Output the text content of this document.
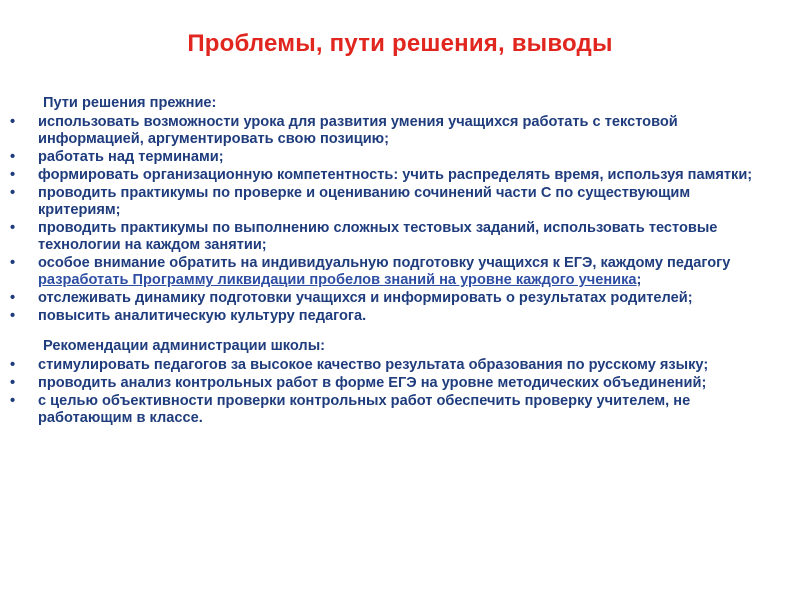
Проблемы, пути решения, выводы
Пути решения прежние:
•	использовать возможности урока для развития умения учащихся работать с текстовой информацией, аргументировать свою позицию;
•	работать над терминами;
•	формировать организационную компетентность: учить распределять время, используя памятки;
•	проводить практикумы по проверке и оцениванию сочинений части С по существующим критериям;
•	проводить практикумы по выполнению сложных тестовых заданий, использовать тестовые технологии на каждом занятии;
•	особое внимание обратить на индивидуальную подготовку учащихся к ЕГЭ, каждому педагогу разработать Программу ликвидации пробелов знаний на уровне каждого ученика;
•	отслеживать динамику подготовки учащихся и информировать о результатах родителей;
•	повысить аналитическую культуру педагога.
Рекомендации администрации школы:
•	стимулировать педагогов за высокое качество результата образования по русскому языку;
•	проводить анализ контрольных работ в форме ЕГЭ на уровне методических объединений;
•	с целью объективности проверки контрольных работ обеспечить проверку учителем, не работающим в классе.
